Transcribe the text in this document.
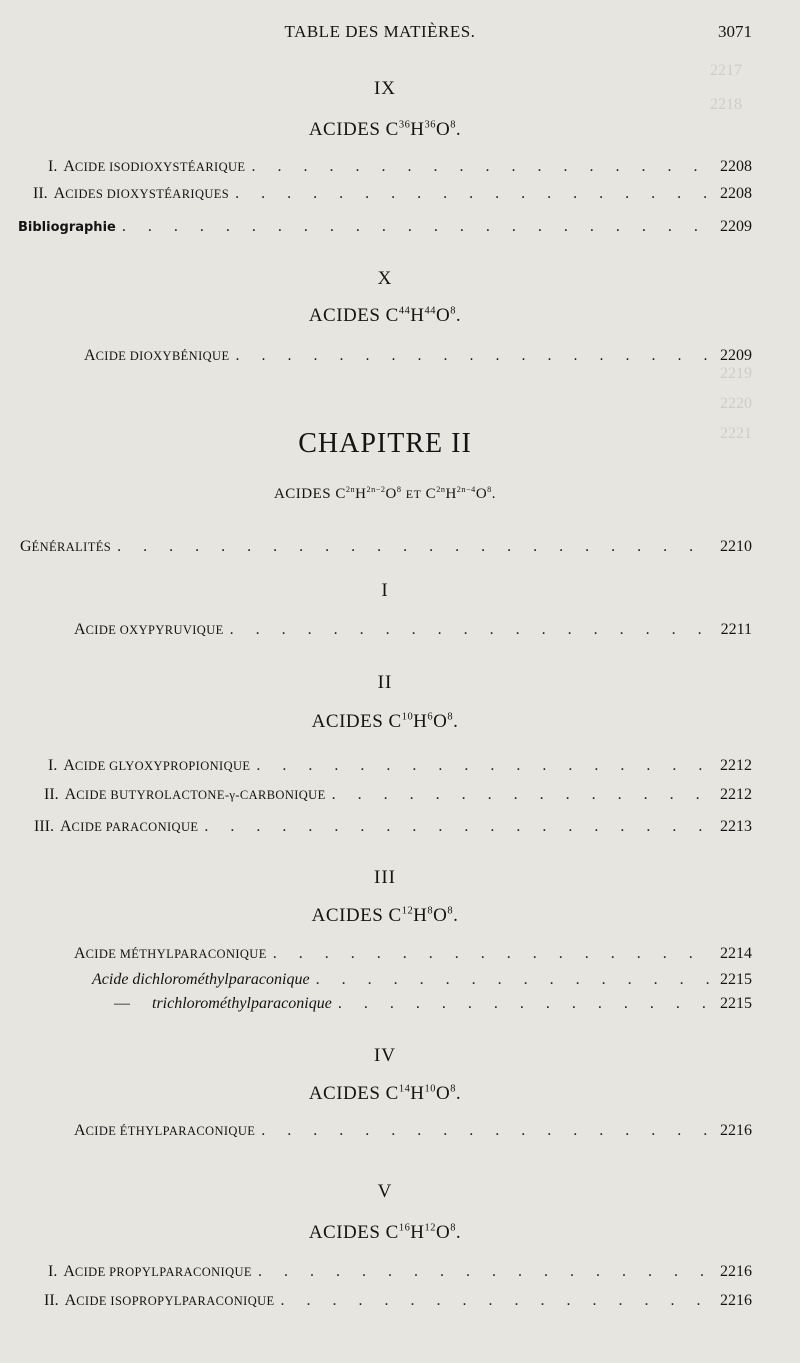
2217
2218
2219
2220
2221
TABLE DES MATIÈRES.	3071
IX
ACIDES $C^{36}H^{36}O^8$.
I. ACIDE ISODIOXYSTÉARIQUE . . .	2208
II. ACIDES DIOXYSTÉARIQUES . . .	2208
Bibliographie . . .	2209
X
ACIDES $C^{44}H^{44}O^8$.
ACIDE DIOXYBÉNIQUE . . .	2209
CHAPITRE II
ACIDES $C^{2n}H^{2n-2}O^8$ ET $C^{2n}H^{2n-4}O^8$.
GÉNÉRALITÉS . . .	2210
I
ACIDE OXYPYRUVIQUE . . .	2211
II
ACIDES $C^{10}H^6O^8$.
I. ACIDE GLYOXYPROPIONIQUE . . .	2212
II. ACIDE BUTYROLACTONE-γ-CARBONIQUE . . .	2212
III. ACIDE PARACONIQUE . . .	2213
III
ACIDES $C^{12}H^8O^8$.
ACIDE MÉTHYLPARACONIQUE . . .	2214
Acide dichlorométhylparaconique . . .	2215
—	trichlorométhylparaconique . . .	2215
IV
ACIDES $C^{14}H^{10}O^8$.
ACIDE ÉTHYLPARACONIQUE . . .	2216
V
ACIDES $C^{16}H^{12}O^8$.
I. ACIDE PROPYLPARACONIQUE . . .	2216
II. ACIDE ISOPROPYLPARACONIQUE . . .	2216
